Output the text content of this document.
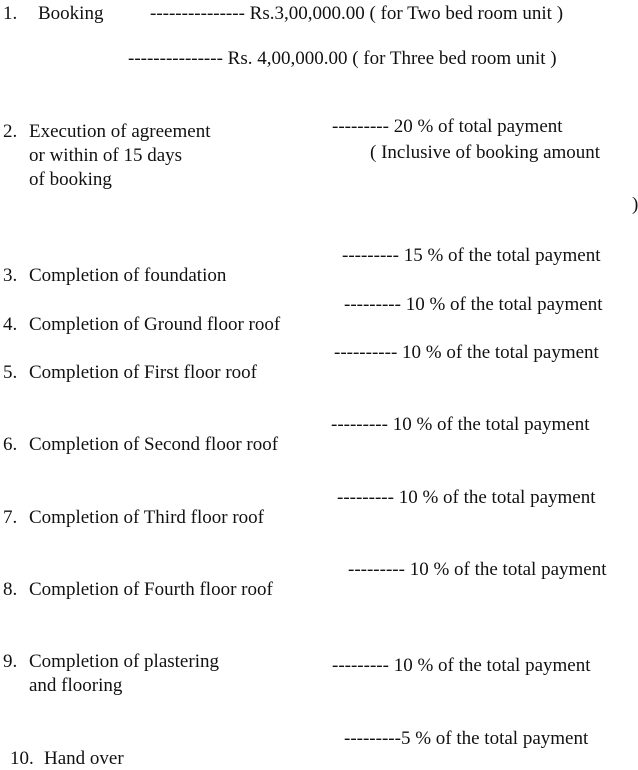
1. Booking --------------- Rs.3,00,000.00 ( for Two bed room unit )
--------------- Rs. 4,00,000.00 ( for Three bed room unit )
2. Execution of agreement
or within of 15 days
of booking
--------- 20 % of total payment
( Inclusive of booking amount
)
--------- 15 % of the total payment
3. Completion of foundation
--------- 10 % of the total payment
4. Completion of Ground floor roof
---------- 10 % of the total payment
5. Completion of First floor roof
--------- 10 % of the total payment
6. Completion of Second floor roof
--------- 10 % of the total payment
7. Completion of Third floor roof
--------- 10 % of the total payment
8. Completion of Fourth floor roof
9. Completion of plastering
and flooring
--------- 10 % of the total payment
---------5 % of the total payment
10. Hand over
